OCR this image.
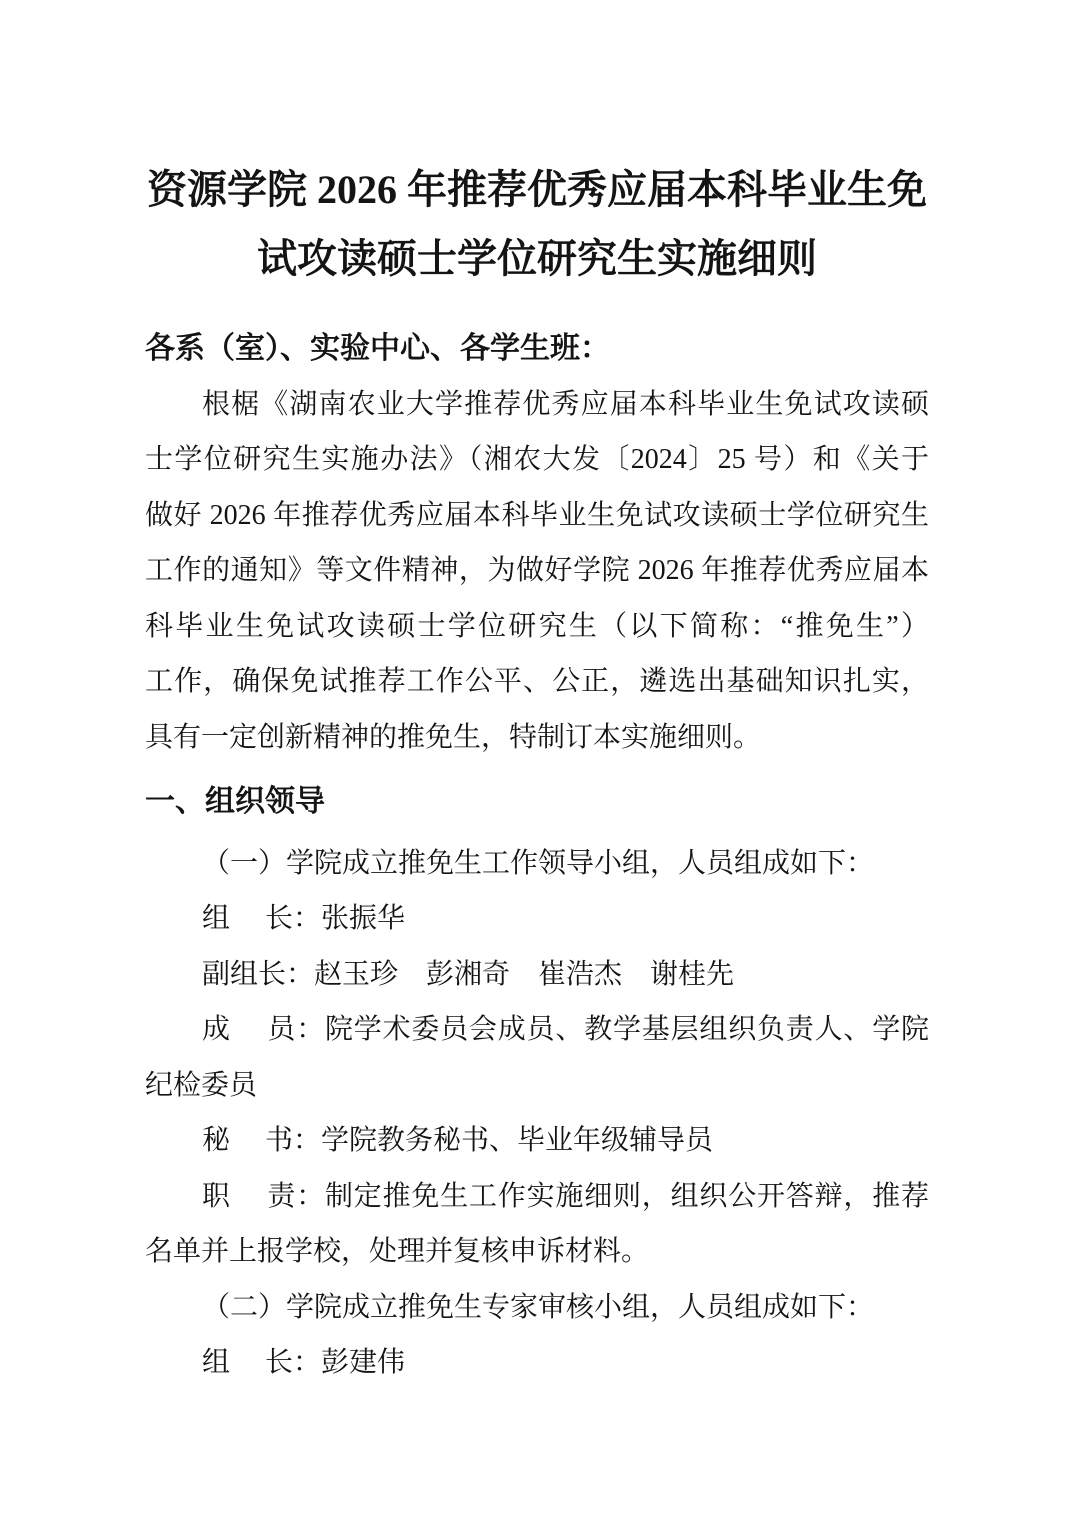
资源学院 2026 年推荐优秀应届本科毕业生免
试攻读硕士学位研究生实施细则
各系（室）、实验中心、各学生班：
根椐《湖南农业大学推荐优秀应届本科毕业生免试攻读硕
士学位研究生实施办法》（湘农大发〔2024〕25 号）和《关于
做好 2026 年推荐优秀应届本科毕业生免试攻读硕士学位研究生
工作的通知》等文件精神，为做好学院 2026 年推荐优秀应届本
科毕业生免试攻读硕士学位研究生（以下简称：“推免生”）
工作，确保免试推荐工作公平、公正，遴选出基础知识扎实，
具有一定创新精神的推免生，特制订本实施细则。
一、组织领导
（一）学院成立推免生工作领导小组，人员组成如下：
组　 长：张振华
副组长：赵玉珍　彭湘奇　崔浩杰　谢桂先
成　 员：院学术委员会成员、教学基层组织负责人、学院
纪检委员
秘　 书：学院教务秘书、毕业年级辅导员
职　 责：制定推免生工作实施细则，组织公开答辩，推荐
名单并上报学校，处理并复核申诉材料。
（二）学院成立推免生专家审核小组，人员组成如下：
组　 长：彭建伟
